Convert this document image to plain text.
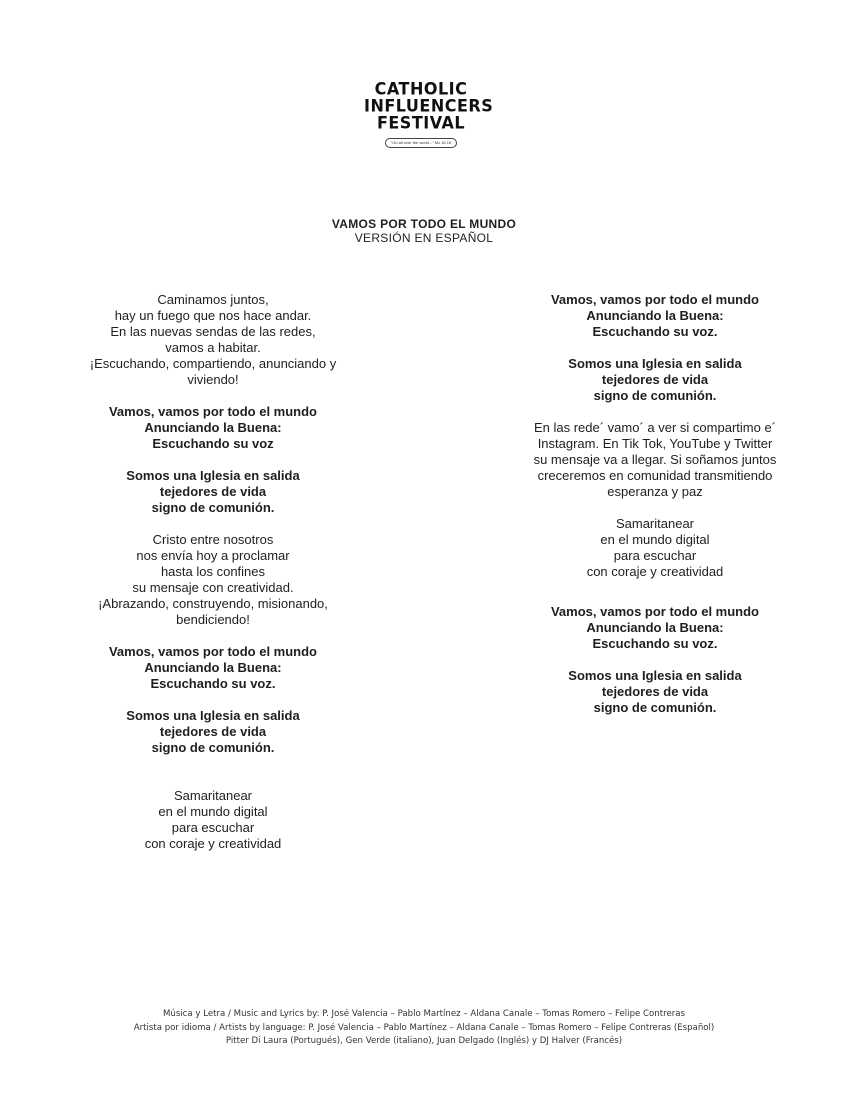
CATHOLIC
INFLUENCERS
FESTIVAL
"Go all over the world..." Mc 16,15
VAMOS POR TODO EL MUNDO
VERSIÓN EN ESPAÑOL
Caminamos juntos,
hay un fuego que nos hace andar.
En las nuevas sendas de las redes,
vamos a habitar.
¡Escuchando, compartiendo, anunciando y
viviendo!
Vamos, vamos por todo el mundo
Anunciando la Buena:
Escuchando su voz
Somos una Iglesia en salida
tejedores de vida
signo de comunión.
Cristo entre nosotros
nos envía hoy a proclamar
hasta los confines
su mensaje con creatividad.
¡Abrazando, construyendo, misionando,
bendiciendo!
Vamos, vamos por todo el mundo
Anunciando la Buena:
Escuchando su voz.
Somos una Iglesia en salida
tejedores de vida
signo de comunión.
Samaritanear
en el mundo digital
para escuchar
con coraje y creatividad
Vamos, vamos por todo el mundo
Anunciando la Buena:
Escuchando su voz.
Somos una Iglesia en salida
tejedores de vida
signo de comunión.
En las rede´ vamo´ a ver si compartimo e´
Instagram. En Tik Tok, YouTube y Twitter
su mensaje va a llegar. Si soñamos juntos
creceremos en comunidad transmitiendo
esperanza y paz
Samaritanear
en el mundo digital
para escuchar
con coraje y creatividad
Vamos, vamos por todo el mundo
Anunciando la Buena:
Escuchando su voz.
Somos una Iglesia en salida
tejedores de vida
signo de comunión.
Música y Letra / Music and Lyrics by: P. José Valencia – Pablo Martínez – Aldana Canale – Tomas Romero – Felipe Contreras
Artista por idioma / Artists by language: P. José Valencia – Pablo Martínez – Aldana Canale – Tomas Romero – Felipe Contreras (Español)
Pitter Di Laura (Portugués), Gen Verde (italiano), Juan Delgado (Inglés) y DJ Halver (Francés)
